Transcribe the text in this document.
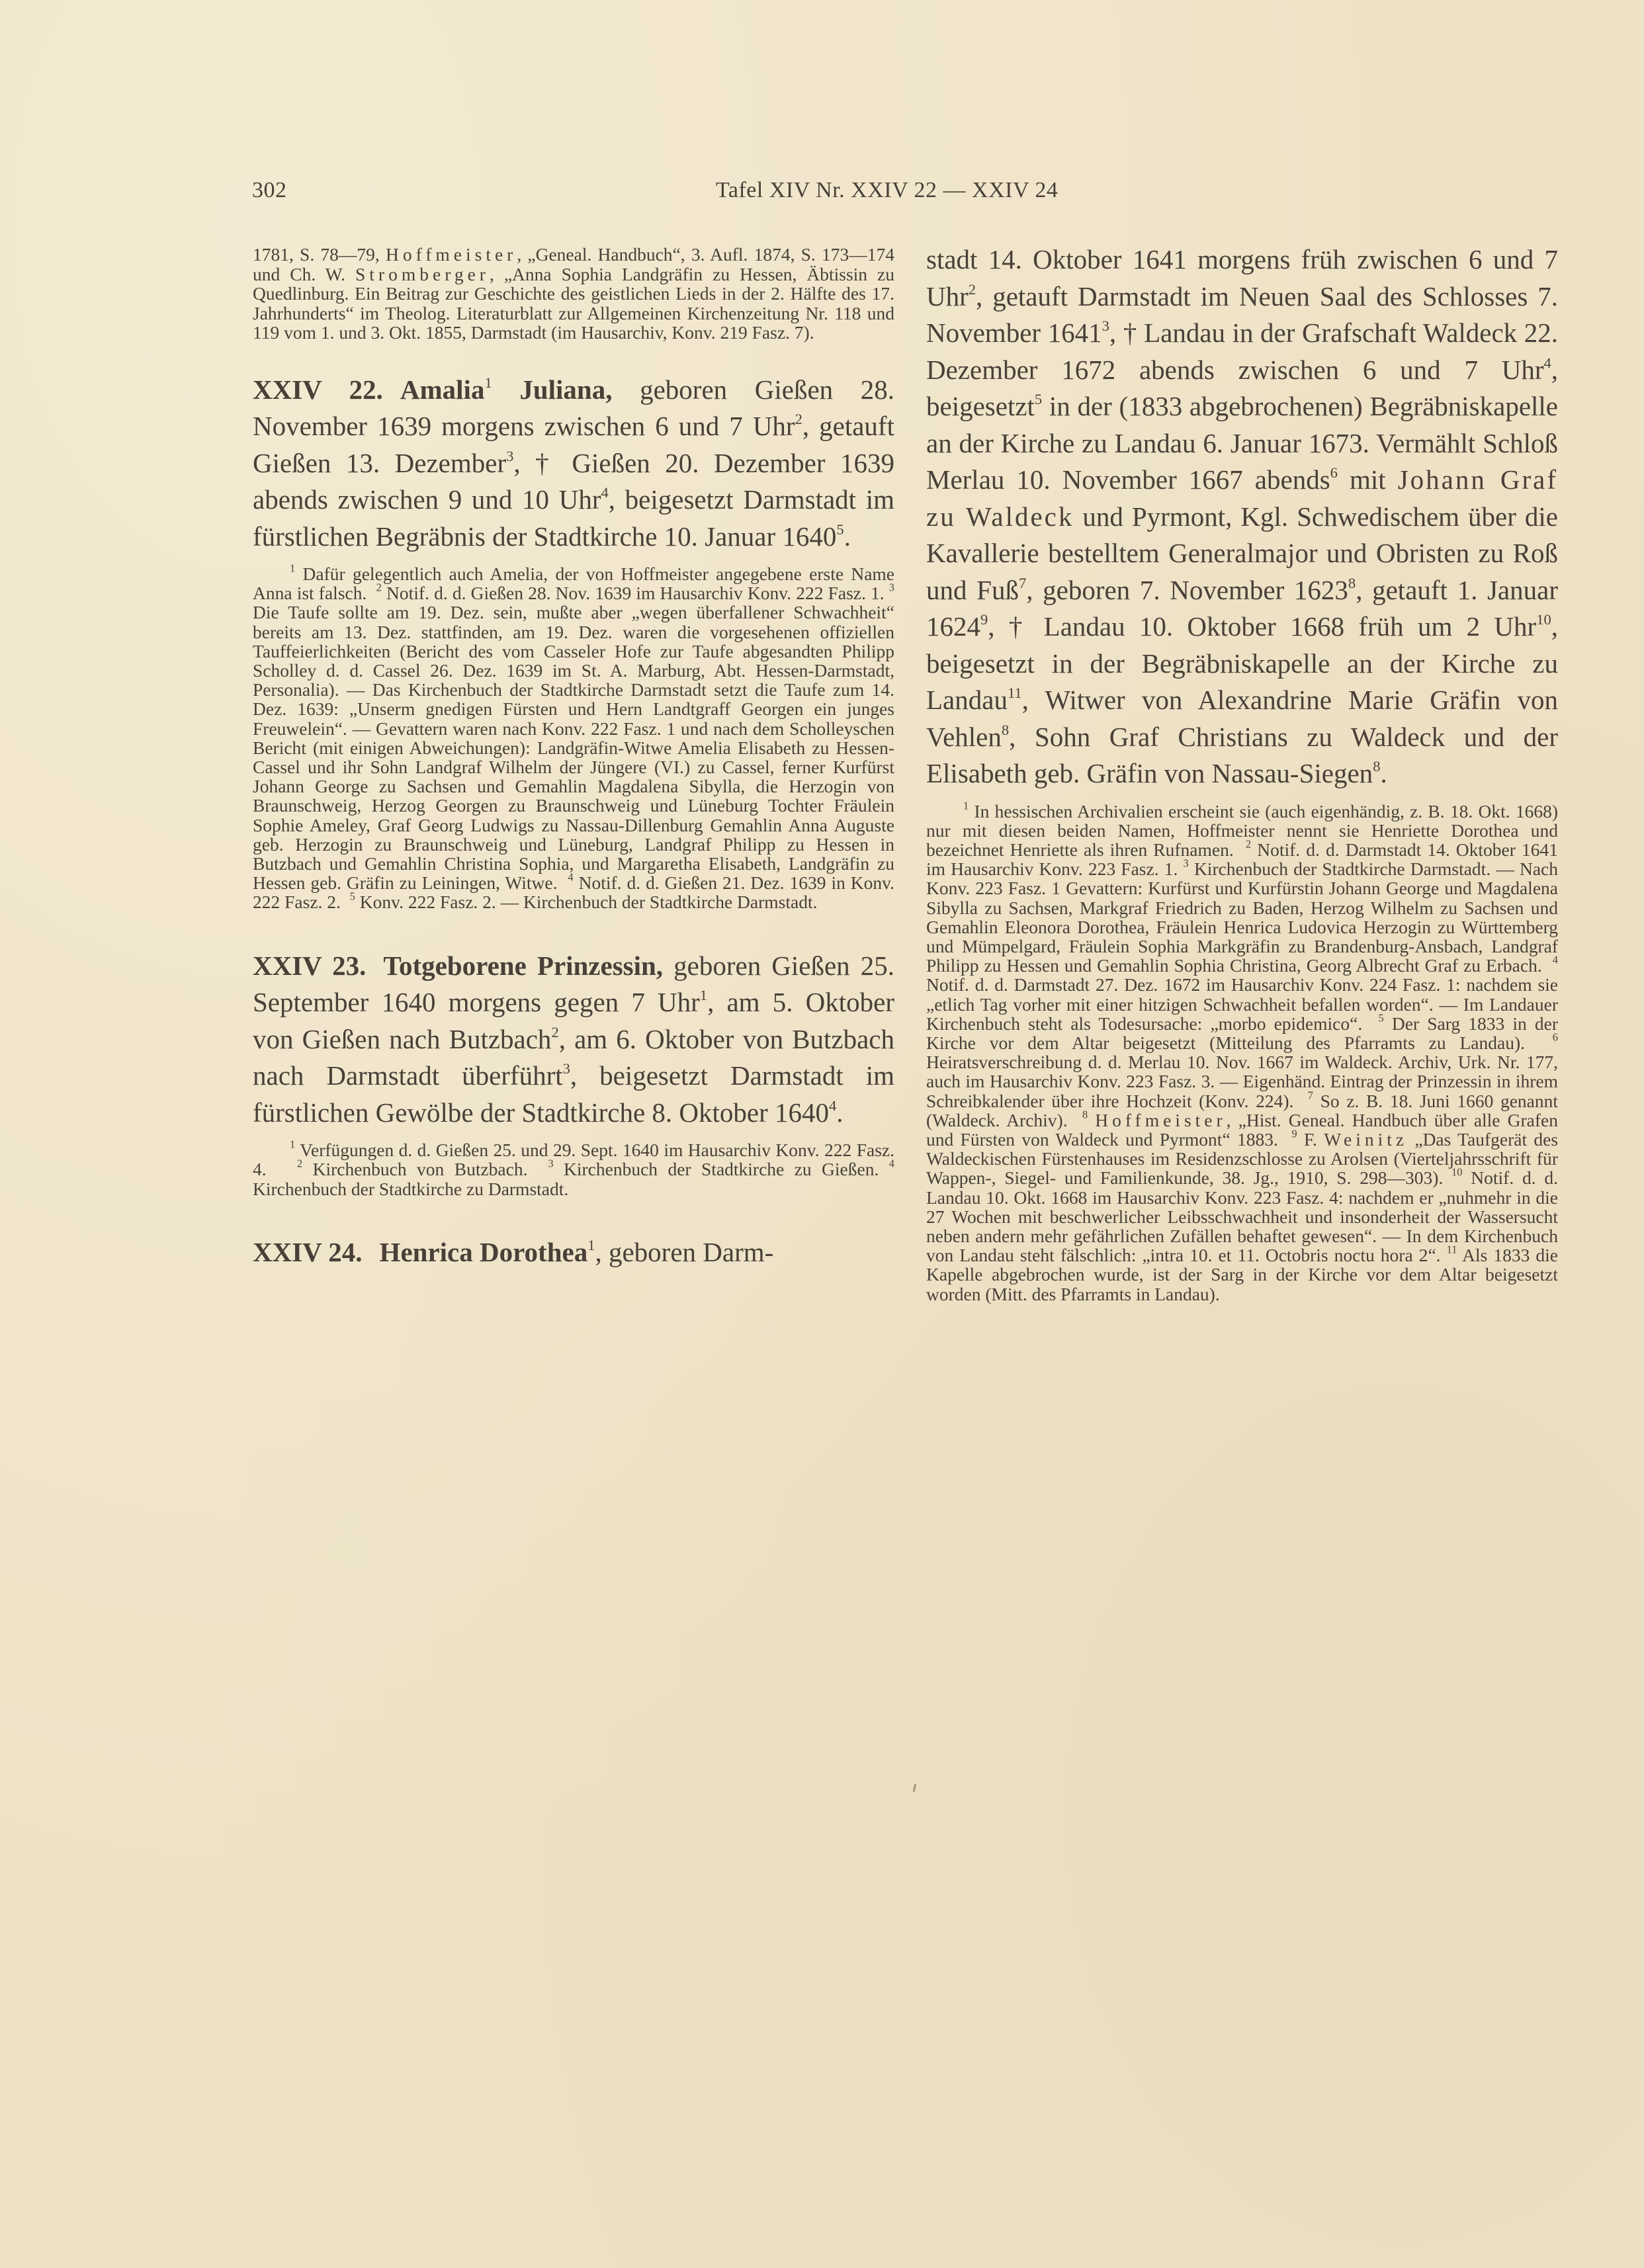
302	Tafel XIV Nr. XXIV 22 — XXIV 24

1781, S. 78—79, Hoffmeister, „Geneal. Handbuch“, 3. Aufl. 1874, S. 173—174 und Ch. W. Stromberger, „Anna Sophia Landgräfin zu Hessen, Äbtissin zu Quedlinburg. Ein Beitrag zur Geschichte des geistlichen Lieds in der 2. Hälfte des 17. Jahrhunderts“ im Theolog. Literaturblatt zur Allgemeinen Kirchenzeitung Nr. 118 und 119 vom 1. und 3. Okt. 1855, Darmstadt (im Hausarchiv, Konv. 219 Fasz. 7).

XXIV 22. Amalia$^1$ Juliana, geboren Gießen 28. November 1639 morgens zwischen 6 und 7 Uhr$^2$, getauft Gießen 13. Dezember$^3$, † Gießen 20. Dezember 1639 abends zwischen 9 und 10 Uhr$^4$, beigesetzt Darmstadt im fürstlichen Begräbnis der Stadtkirche 10. Januar 1640$^5$.

$^1$ Dafür gelegentlich auch Amelia, der von Hoffmeister angegebene erste Name Anna ist falsch. $^2$ Notif. d. d. Gießen 28. Nov. 1639 im Hausarchiv Konv. 222 Fasz. 1. $^3$ Die Taufe sollte am 19. Dez. sein, mußte aber „wegen überfallener Schwachheit“ bereits am 13. Dez. stattfinden, am 19. Dez. waren die vorgesehenen offiziellen Tauffeierlichkeiten (Bericht des vom Casseler Hofe zur Taufe abgesandten Philipp Scholley d. d. Cassel 26. Dez. 1639 im St. A. Marburg, Abt. Hessen-Darmstadt, Personalia). — Das Kirchenbuch der Stadtkirche Darmstadt setzt die Taufe zum 14. Dez. 1639: „Unserm gnedigen Fürsten und Hern Landtgraff Georgen ein junges Freuwelein“. — Gevattern waren nach Konv. 222 Fasz. 1 und nach dem Scholleyschen Bericht (mit einigen Abweichungen): Landgräfin-Witwe Amelia Elisabeth zu Hessen-Cassel und ihr Sohn Landgraf Wilhelm der Jüngere (VI.) zu Cassel, ferner Kurfürst Johann George zu Sachsen und Gemahlin Magdalena Sibylla, die Herzogin von Braunschweig, Herzog Georgen zu Braunschweig und Lüneburg Tochter Fräulein Sophie Ameley, Graf Georg Ludwigs zu Nassau-Dillenburg Gemahlin Anna Auguste geb. Herzogin zu Braunschweig und Lüneburg, Landgraf Philipp zu Hessen in Butzbach und Gemahlin Christina Sophia, und Margaretha Elisabeth, Landgräfin zu Hessen geb. Gräfin zu Leiningen, Witwe. $^4$ Notif. d. d. Gießen 21. Dez. 1639 in Konv. 222 Fasz. 2. $^5$ Konv. 222 Fasz. 2. — Kirchenbuch der Stadtkirche Darmstadt.

XXIV 23. Totgeborene Prinzessin, geboren Gießen 25. September 1640 morgens gegen 7 Uhr$^1$, am 5. Oktober von Gießen nach Butzbach$^2$, am 6. Oktober von Butzbach nach Darmstadt überführt$^3$, beigesetzt Darmstadt im fürstlichen Gewölbe der Stadtkirche 8. Oktober 1640$^4$.

$^1$ Verfügungen d. d. Gießen 25. und 29. Sept. 1640 im Hausarchiv Konv. 222 Fasz. 4.	$^2$ Kirchenbuch von Butzbach. $^3$ Kirchenbuch der Stadtkirche zu Gießen. $^4$ Kirchenbuch der Stadtkirche zu Darmstadt.

XXIV 24. Henrica Dorothea$^1$, geboren Darm-

stadt 14. Oktober 1641 morgens früh zwischen 6 und 7 Uhr$^2$, getauft Darmstadt im Neuen Saal des Schlosses 7. November 1641$^3$, † Landau in der Grafschaft Waldeck 22. Dezember 1672 abends zwischen 6 und 7 Uhr$^4$, beigesetzt$^5$ in der (1833 abgebrochenen) Begräbniskapelle an der Kirche zu Landau 6. Januar 1673. Vermählt Schloß Merlau 10. November 1667 abends$^6$ mit Johann Graf zu Waldeck und Pyrmont, Kgl. Schwedischem über die Kavallerie bestelltem Generalmajor und Obristen zu Roß und Fuß$^7$, geboren 7. November 1623$^8$, getauft 1. Januar 1624$^9$, † Landau 10. Oktober 1668 früh um 2 Uhr$^{10}$, beigesetzt in der Begräbniskapelle an der Kirche zu Landau$^{11}$, Witwer von Alexandrine Marie Gräfin von Vehlen$^8$, Sohn Graf Christians zu Waldeck und der Elisabeth geb. Gräfin von Nassau-Siegen$^8$.

$^1$ In hessischen Archivalien erscheint sie (auch eigenhändig, z. B. 18. Okt. 1668) nur mit diesen beiden Namen, Hoffmeister nennt sie Henriette Dorothea und bezeichnet Henriette als ihren Rufnamen. $^2$ Notif. d. d. Darmstadt 14. Oktober 1641 im Hausarchiv Konv. 223 Fasz. 1. $^3$ Kirchenbuch der Stadtkirche Darmstadt. — Nach Konv. 223 Fasz. 1 Gevattern: Kurfürst und Kurfürstin Johann George und Magdalena Sibylla zu Sachsen, Markgraf Friedrich zu Baden, Herzog Wilhelm zu Sachsen und Gemahlin Eleonora Dorothea, Fräulein Henrica Ludovica Herzogin zu Württemberg und Mümpelgard, Fräulein Sophia Markgräfin zu Brandenburg-Ansbach, Landgraf Philipp zu Hessen und Gemahlin Sophia Christina, Georg Albrecht Graf zu Erbach. $^4$ Notif. d. d. Darmstadt 27. Dez. 1672 im Hausarchiv Konv. 224 Fasz. 1: nachdem sie „etlich Tag vorher mit einer hitzigen Schwachheit befallen worden“. — Im Landauer Kirchenbuch steht als Todesursache: „morbo epidemico“. $^5$ Der Sarg 1833 in der Kirche vor dem Altar beigesetzt (Mitteilung des Pfarramts zu Landau).	$^6$ Heiratsverschreibung d. d. Merlau 10. Nov. 1667 im Waldeck. Archiv, Urk. Nr. 177, auch im Hausarchiv Konv. 223 Fasz. 3. — Eigenhänd. Eintrag der Prinzessin in ihrem Schreibkalender über ihre Hochzeit (Konv. 224). $^7$ So z. B. 18. Juni 1660 genannt (Waldeck. Archiv). $^8$ Hoffmeister, „Hist. Geneal. Handbuch über alle Grafen und Fürsten von Waldeck und Pyrmont“ 1883. $^9$ F. Weinitz „Das Taufgerät des Waldeckischen Fürstenhauses im Residenzschlosse zu Arolsen (Vierteljahrsschrift für Wappen-, Siegel- und Familienkunde, 38. Jg., 1910, S. 298—303). $^{10}$ Notif. d. d. Landau 10. Okt. 1668 im Hausarchiv Konv. 223 Fasz. 4: nachdem er „nuhmehr in die 27 Wochen mit beschwerlicher Leibsschwachheit und insonderheit der Wassersucht neben andern mehr gefährlichen Zufällen behaftet gewesen“. — In dem Kirchenbuch von Landau steht fälschlich: „intra 10. et 11. Octobris noctu hora 2“. $^{11}$ Als 1833 die Kapelle abgebrochen wurde, ist der Sarg in der Kirche vor dem Altar beigesetzt worden (Mitt. des Pfarramts in Landau).
